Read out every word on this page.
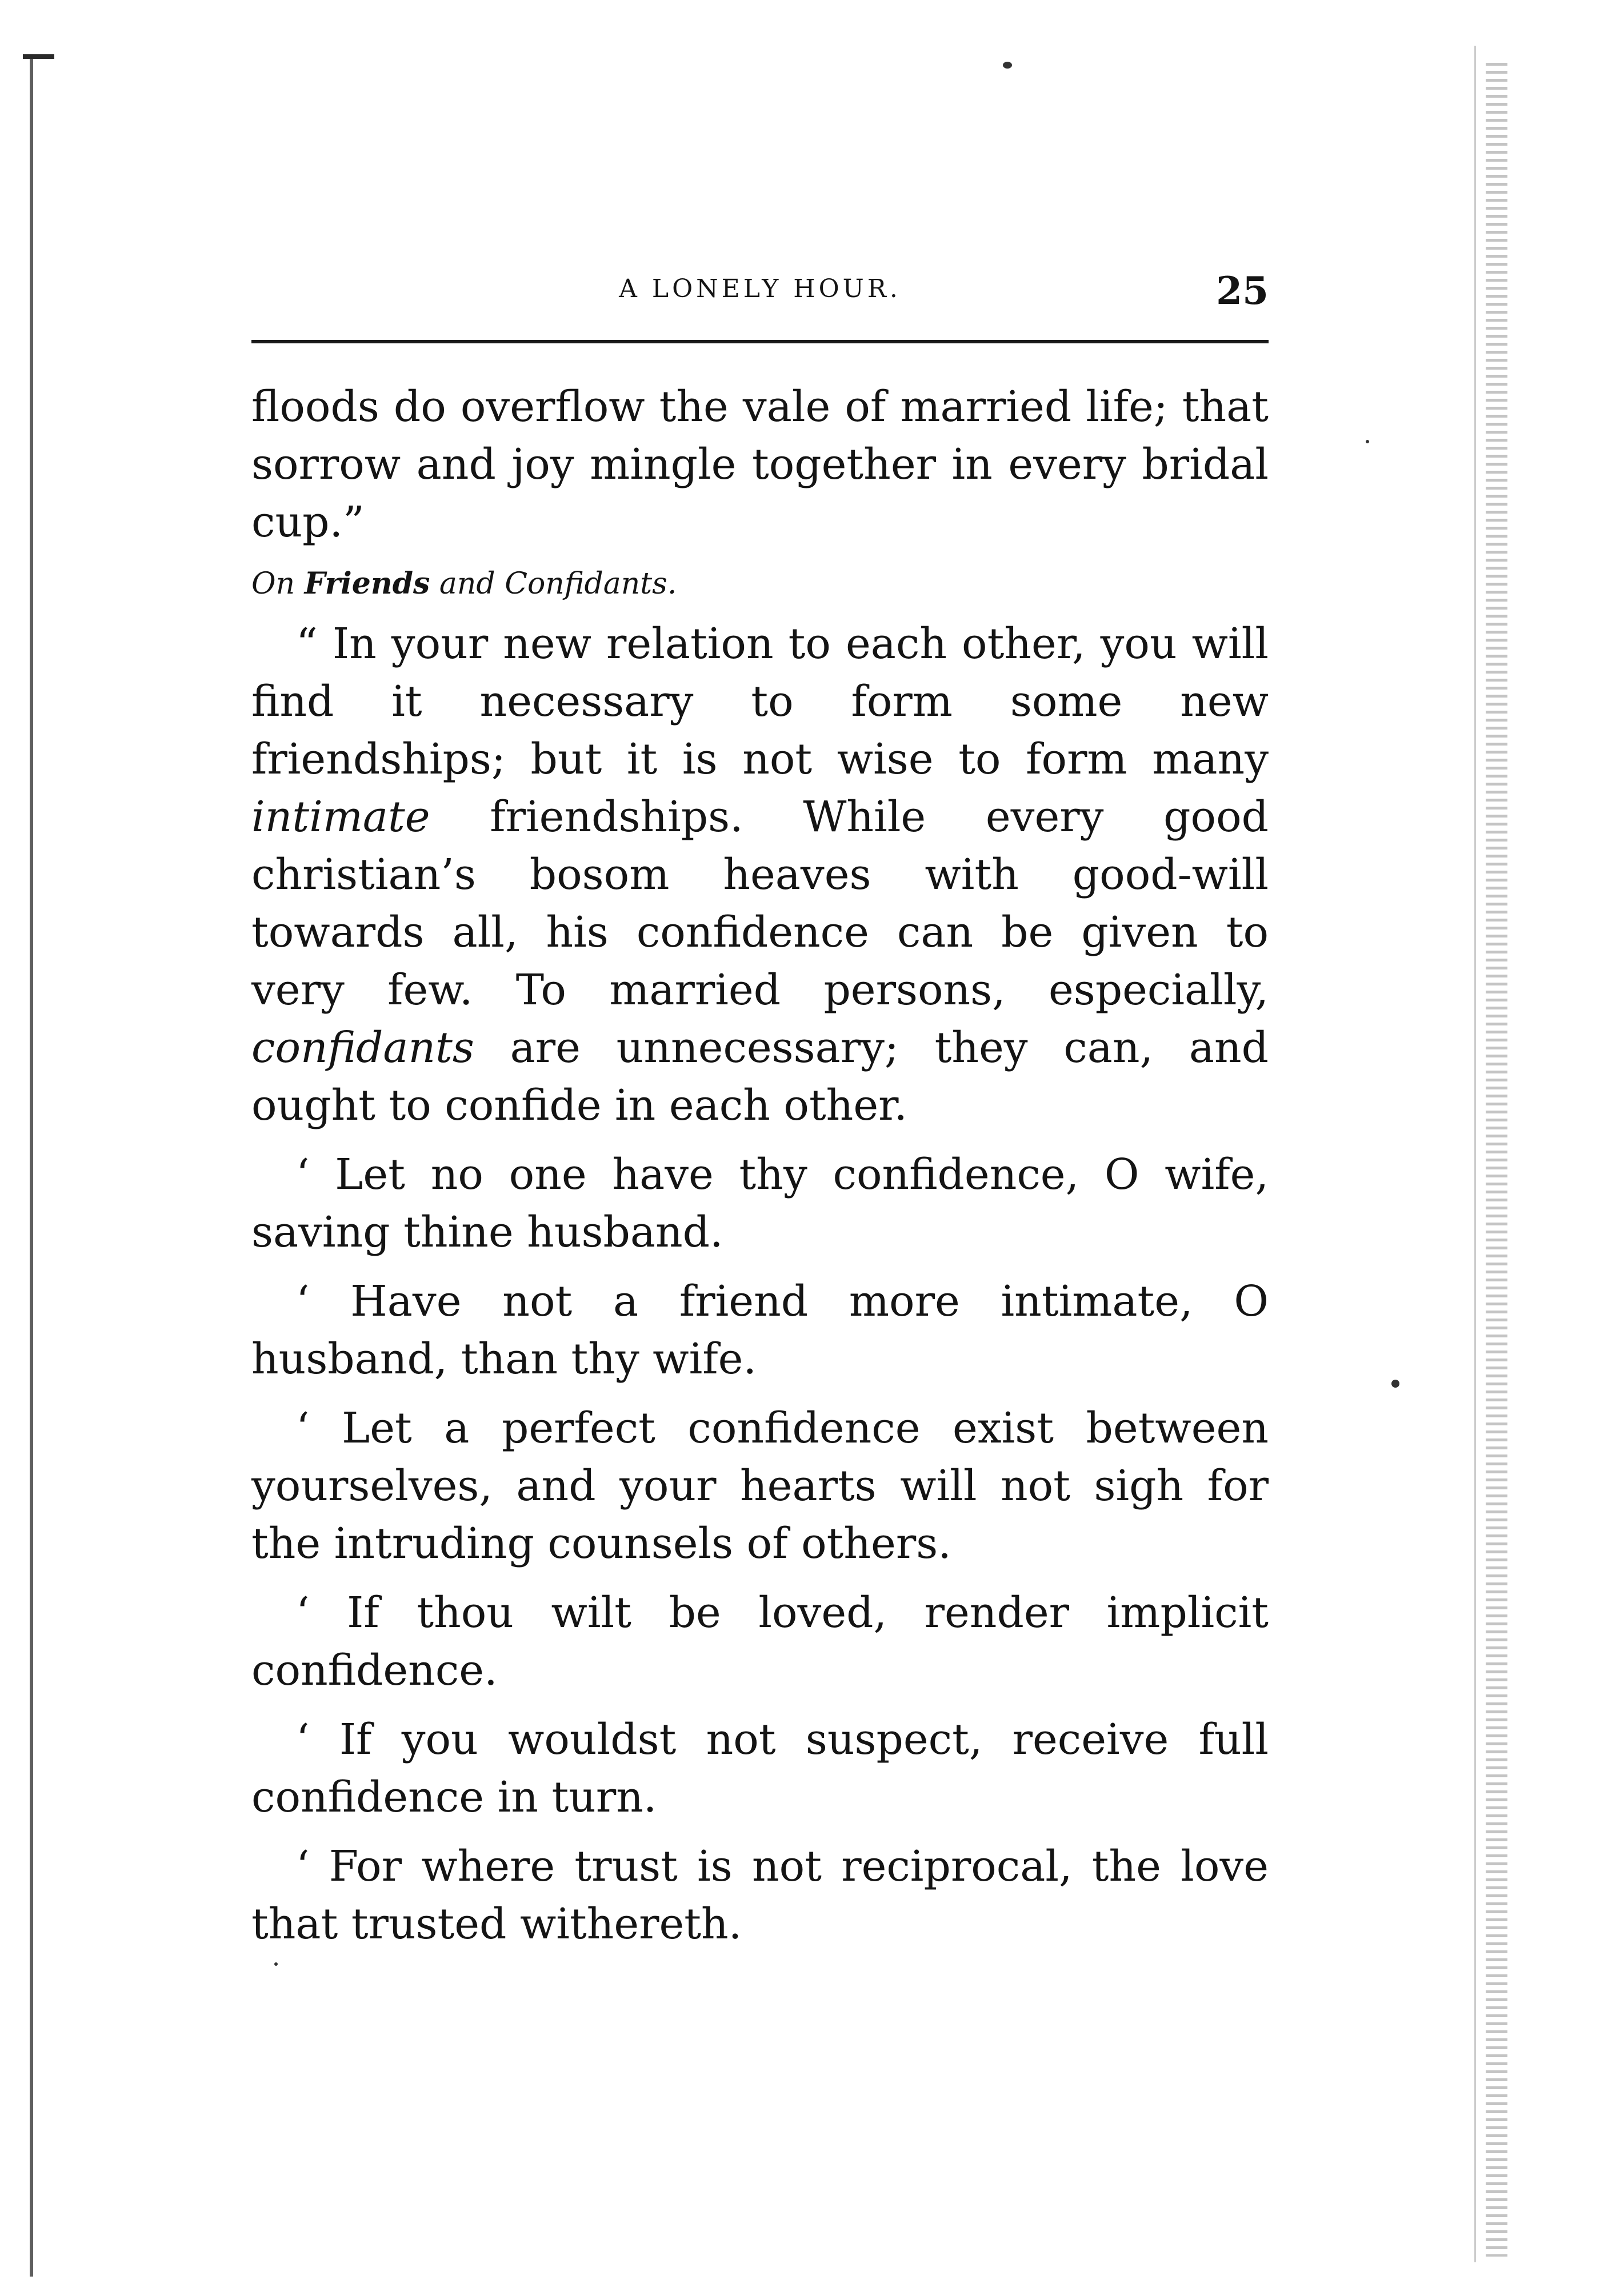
A LONELY HOUR.	25

floods do overflow the vale of married life; that sorrow and joy mingle together in every bridal cup.”

On Friends and Confidants.

“ In your new relation to each other, you will find it necessary to form some new friendships; but it is not wise to form many intimate friendships. While every good christian’s bosom heaves with good-will towards all, his confidence can be given to very few. To married persons, especially, confidants are unnecessary; they can, and ought to confide in each other.

‘ Let no one have thy confidence, O wife, saving thine husband.

‘ Have not a friend more intimate, O husband, than thy wife.

‘ Let a perfect confidence exist between yourselves, and your hearts will not sigh for the intruding counsels of others.

‘ If thou wilt be loved, render implicit confidence.

‘ If you wouldst not suspect, receive full confidence in turn.

‘ For where trust is not reciprocal, the love that trusted withereth.
